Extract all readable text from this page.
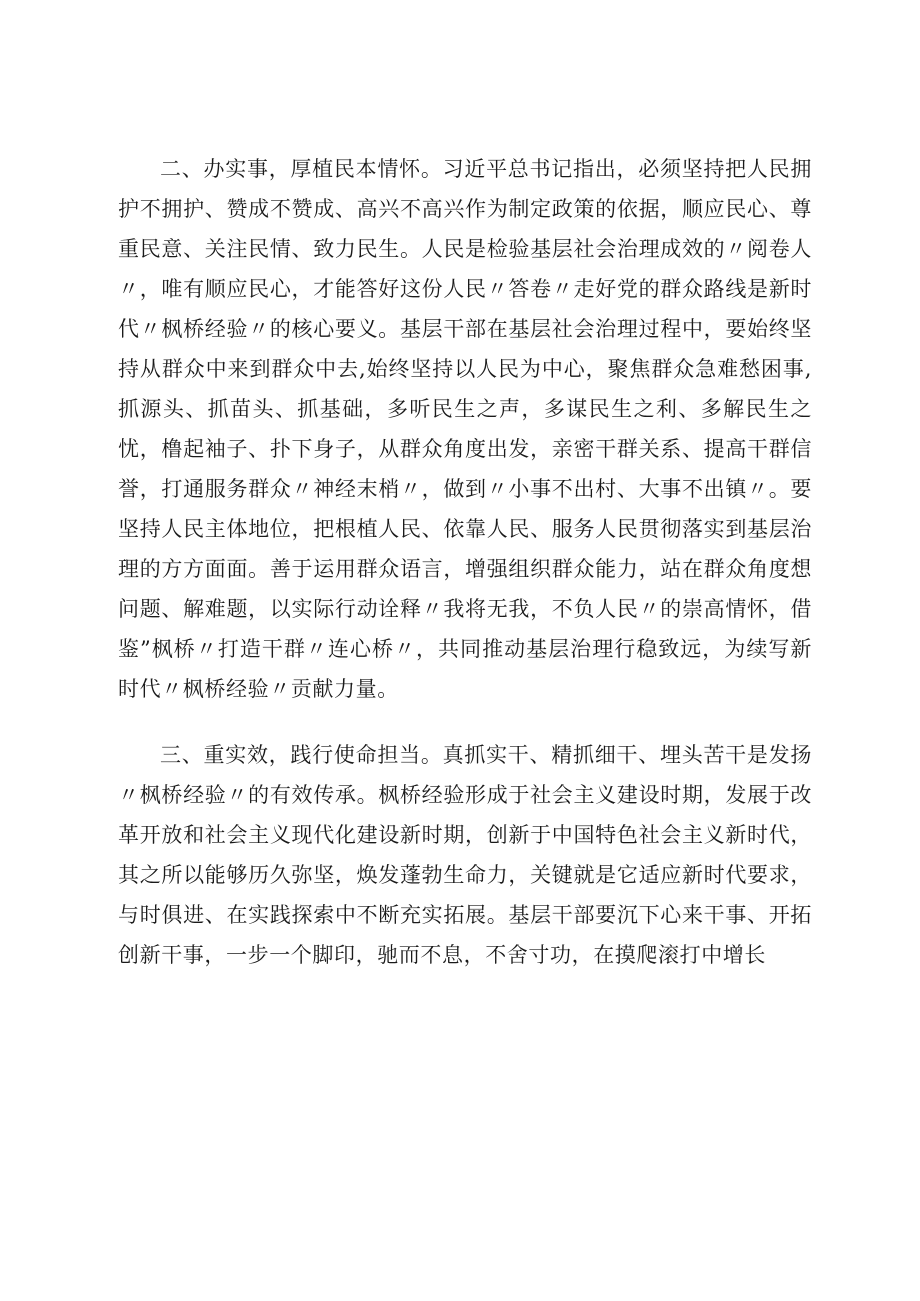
二、办实事，厚植民本情怀。习近平总书记指出，必须坚持把人民拥护不拥护、赞成不赞成、高兴不高兴作为制定政策的依据，顺应民心、尊重民意、关注民情、致力民生。人民是检验基层社会治理成效的〃阅卷人〃，唯有顺应民心，才能答好这份人民〃答卷〃走好党的群众路线是新时代〃枫桥经验〃的核心要义。基层干部在基层社会治理过程中，要始终坚持从群众中来到群众中去,始终坚持以人民为中心，聚焦群众急难愁困事,抓源头、抓苗头、抓基础，多听民生之声，多谋民生之利、多解民生之忧，橹起袖子、扑下身子，从群众角度出发，亲密干群关系、提高干群信誉，打通服务群众〃神经末梢〃，做到〃小事不出村、大事不出镇〃。要坚持人民主体地位，把根植人民、依靠人民、服务人民贯彻落实到基层治理的方方面面。善于运用群众语言，增强组织群众能力，站在群众角度想问题、解难题，以实际行动诠释〃我将无我，不负人民〃的崇高情怀，借鉴”枫桥〃打造干群〃连心桥〃，共同推动基层治理行稳致远，为续写新时代〃枫桥经验〃贡献力量。

三、重实效，践行使命担当。真抓实干、精抓细干、埋头苦干是发扬〃枫桥经验〃的有效传承。枫桥经验形成于社会主义建设时期，发展于改革开放和社会主义现代化建设新时期，创新于中国特色社会主义新时代，其之所以能够历久弥坚，焕发蓬勃生命力，关键就是它适应新时代要求，与时俱进、在实践探索中不断充实拓展。基层干部要沉下心来干事、开拓创新干事，一步一个脚印，驰而不息，不舍寸功，在摸爬滚打中增长
